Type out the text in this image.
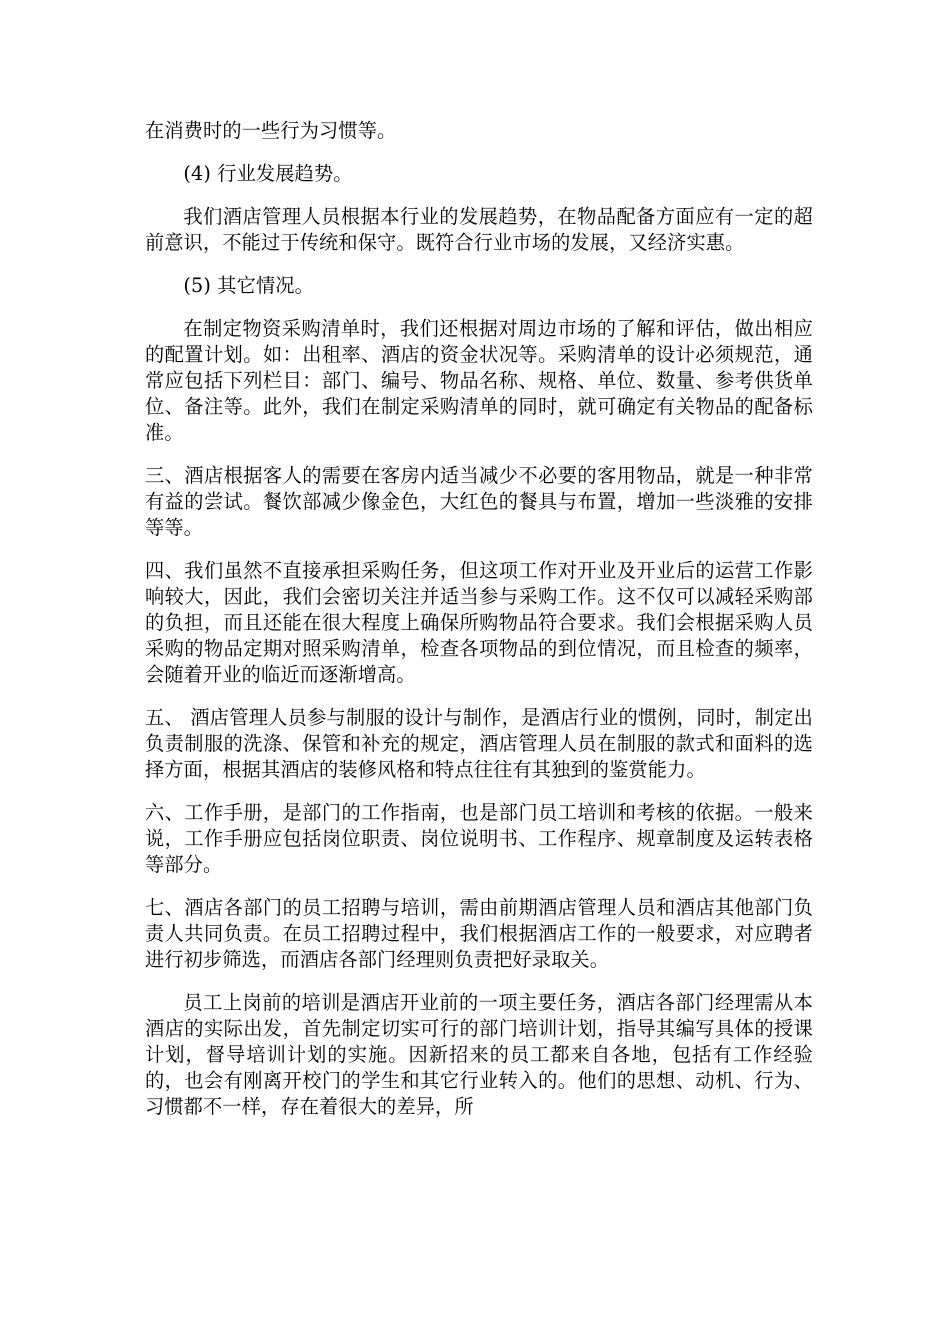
在消费时的一些行为习惯等。

(4) 行业发展趋势。

我们酒店管理人员根据本行业的发展趋势，在物品配备方面应有一定的超前意识，不能过于传统和保守。既符合行业市场的发展，又经济实惠。

(5) 其它情况。

在制定物资采购清单时，我们还根据对周边市场的了解和评估，做出相应的配置计划。如：出租率、酒店的资金状况等。采购清单的设计必须规范，通常应包括下列栏目：部门、编号、物品名称、规格、单位、数量、参考供货单位、备注等。此外，我们在制定采购清单的同时，就可确定有关物品的配备标准。

三、酒店根据客人的需要在客房内适当减少不必要的客用物品，就是一种非常有益的尝试。餐饮部减少像金色，大红色的餐具与布置，增加一些淡雅的安排等等。

四、我们虽然不直接承担采购任务，但这项工作对开业及开业后的运营工作影响较大，因此，我们会密切关注并适当参与采购工作。这不仅可以减轻采购部的负担，而且还能在很大程度上确保所购物品符合要求。我们会根据采购人员采购的物品定期对照采购清单，检查各项物品的到位情况，而且检查的频率，会随着开业的临近而逐渐增高。

五、 酒店管理人员参与制服的设计与制作，是酒店行业的惯例，同时，制定出负责制服的洗涤、保管和补充的规定，酒店管理人员在制服的款式和面料的选择方面，根据其酒店的装修风格和特点往往有其独到的鉴赏能力。

六、工作手册，是部门的工作指南，也是部门员工培训和考核的依据。一般来说，工作手册应包括岗位职责、岗位说明书、工作程序、规章制度及运转表格等部分。

七、酒店各部门的员工招聘与培训，需由前期酒店管理人员和酒店其他部门负责人共同负责。在员工招聘过程中，我们根据酒店工作的一般要求，对应聘者进行初步筛选，而酒店各部门经理则负责把好录取关。

员工上岗前的培训是酒店开业前的一项主要任务，酒店各部门经理需从本酒店的实际出发，首先制定切实可行的部门培训计划，指导其编写具体的授课计划，督导培训计划的实施。因新招来的员工都来自各地，包括有工作经验的，也会有刚离开校门的学生和其它行业转入的。他们的思想、动机、行为、习惯都不一样，存在着很大的差异，所
